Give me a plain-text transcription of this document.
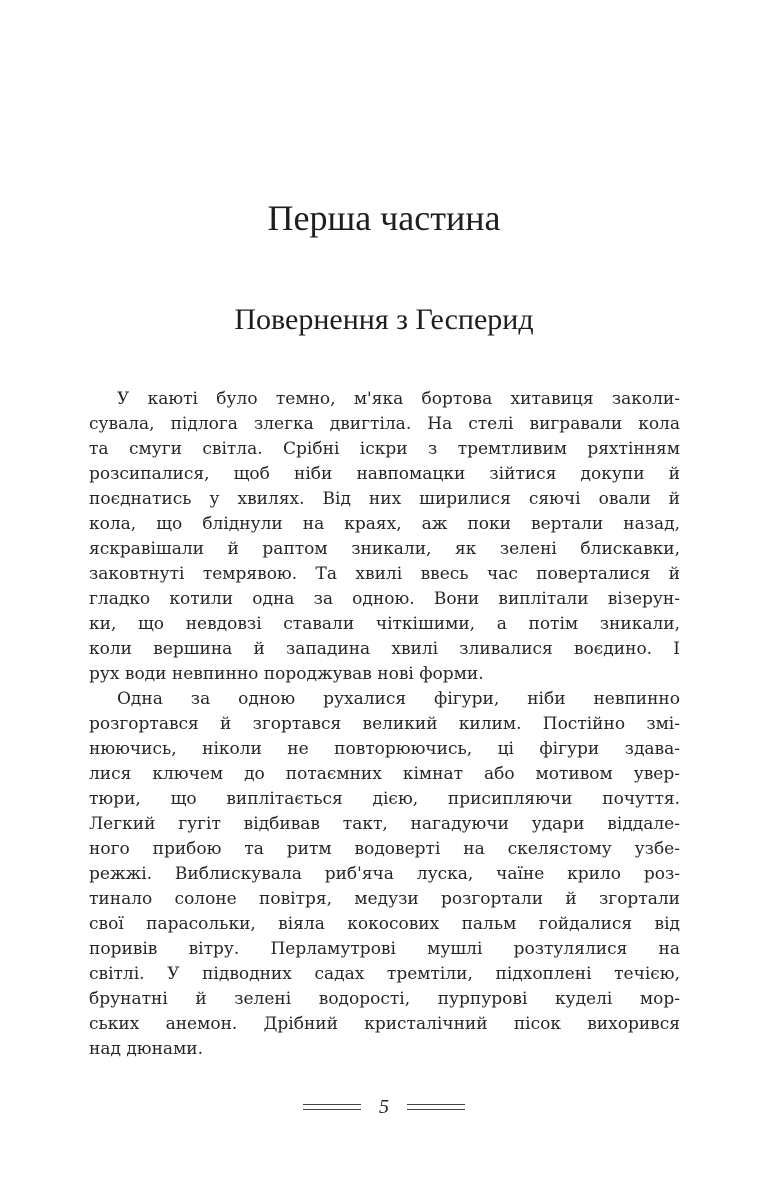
Перша частина
Повернення з Гесперид
У каюті було темно, м'яка бортова хитавиця заколи-
сувала, підлога злегка двигтіла. На стелі вигравали кола
та смуги світла. Срібні іскри з тремтливим ряхтінням
розсипалися, щоб ніби навпомацки зійтися докупи й
поєднатись у хвилях. Від них ширилися сяючі овали й
кола, що бліднули на краях, аж поки вертали назад,
яскравішали й раптом зникали, як зелені блискавки,
заковтнуті темрявою. Та хвилі ввесь час поверталися й
гладко котили одна за одною. Вони виплітали візерун-
ки, що невдовзі ставали чіткішими, а потім зникали,
коли вершина й западина хвилі зливалися воєдино. І
рух води невпинно породжував нові форми.
Одна за одною рухалися фігури, ніби невпинно
розгортався й згортався великий килим. Постійно змі-
нюючись, ніколи не повторюючись, ці фігури здава-
лися ключем до потаємних кімнат або мотивом увер-
тюри, що виплітається дією, присипляючи почуття.
Легкий гугіт відбивав такт, нагадуючи удари віддале-
ного прибою та ритм водоверті на скелястому узбе-
режжі. Виблискувала риб'яча луска, чаїне крило роз-
тинало солоне повітря, медузи розгортали й згортали
свої парасольки, віяла кокосових пальм гойдалися від
поривів вітру. Перламутрові мушлі розтулялися на
світлі. У підводних садах тремтіли, підхоплені течією,
брунатні й зелені водорості, пурпурові куделі мор-
ських анемон. Дрібний кристалічний пісок вихорився
над дюнами.
5
